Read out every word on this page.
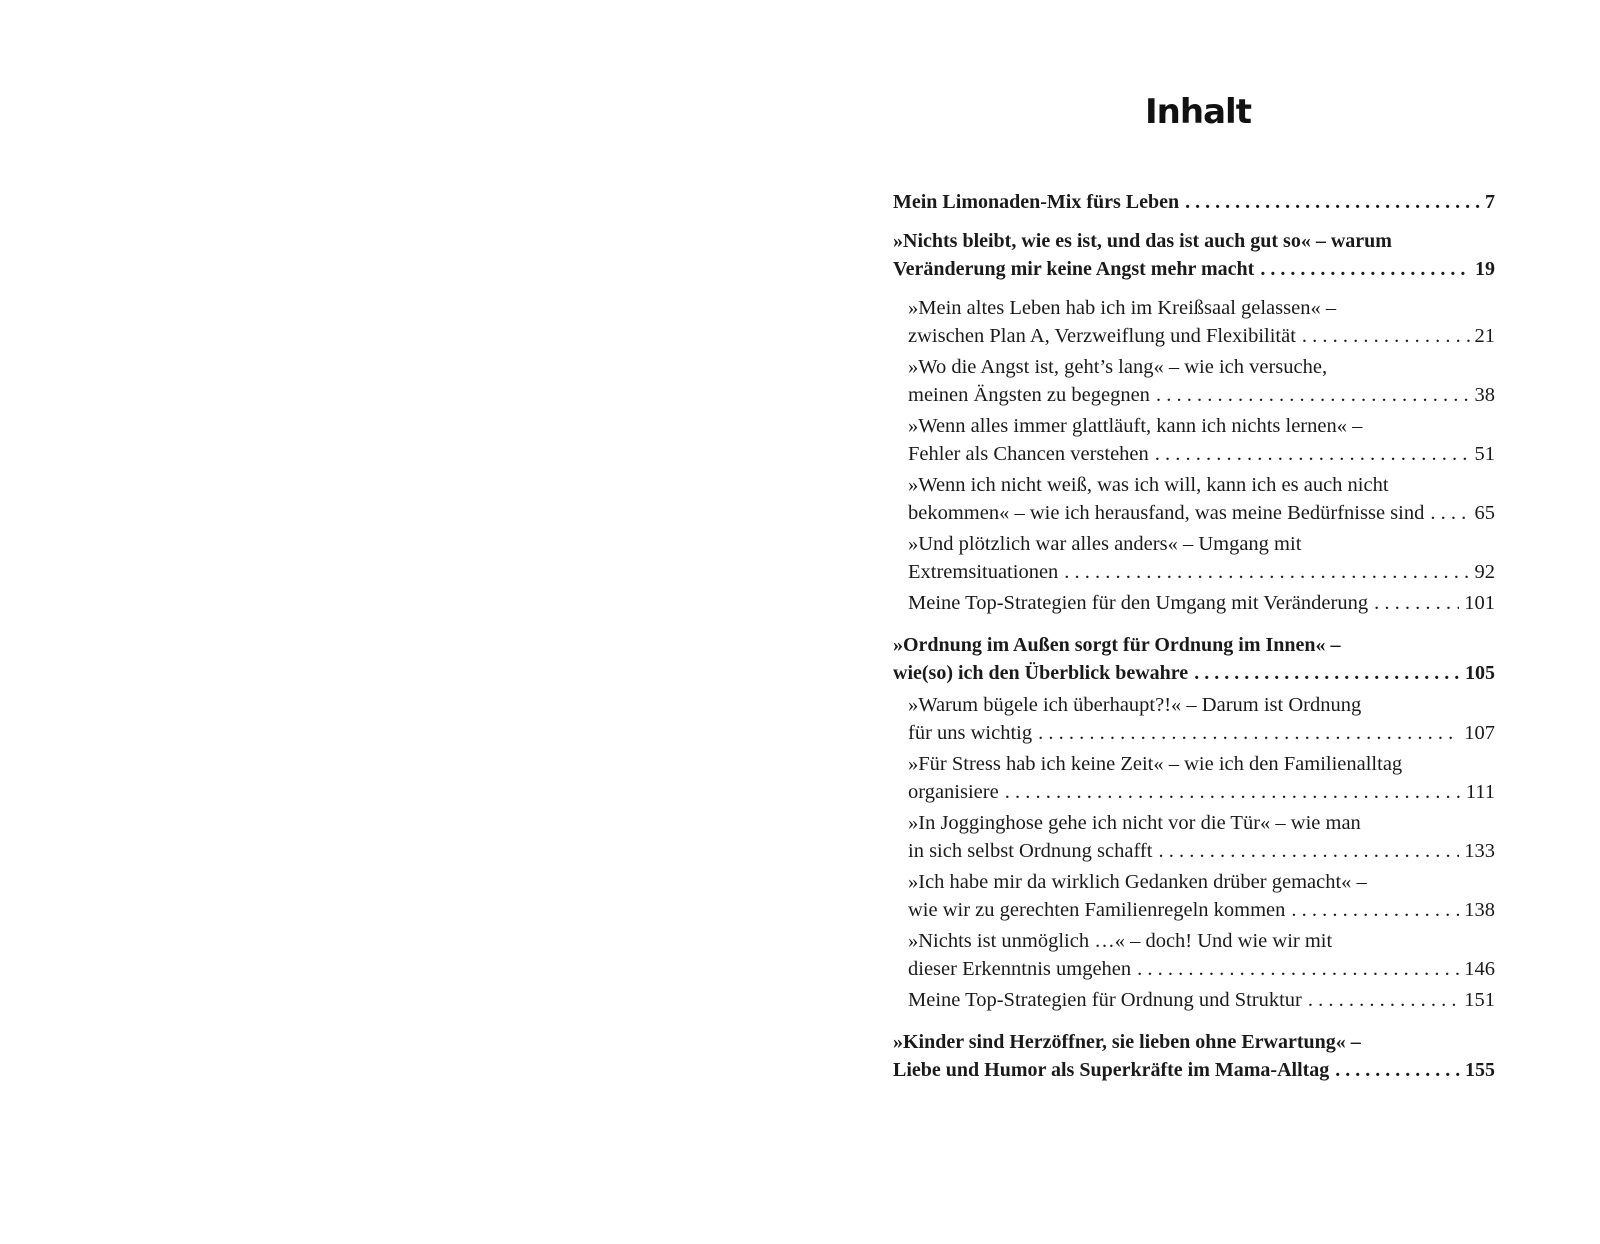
Inhalt
Mein Limonaden-Mix fürs Leben . . .	7
»Nichts bleibt, wie es ist, und das ist auch gut so« – warum
Veränderung mir keine Angst mehr macht . . .	19
»Mein altes Leben hab ich im Kreißsaal gelassen« –
zwischen Plan A, Verzweiflung und Flexibilität . . .	21
»Wo die Angst ist, geht’s lang« – wie ich versuche,
meinen Ängsten zu begegnen . . .	38
»Wenn alles immer glattläuft, kann ich nichts lernen« –
Fehler als Chancen verstehen . . .	51
»Wenn ich nicht weiß, was ich will, kann ich es auch nicht
bekommen« – wie ich herausfand, was meine Bedürfnisse sind . . . 65
»Und plötzlich war alles anders« – Umgang mit
Extremsituationen . . .	92
Meine Top-Strategien für den Umgang mit Veränderung . . .	101
»Ordnung im Außen sorgt für Ordnung im Innen« –
wie(so) ich den Überblick bewahre . . .	105
»Warum bügele ich überhaupt?!« – Darum ist Ordnung
für uns wichtig . . .	107
»Für Stress hab ich keine Zeit« – wie ich den Familienalltag
organisiere . . .	111
»In Jogginghose gehe ich nicht vor die Tür« – wie man
in sich selbst Ordnung schafft . . .	133
»Ich habe mir da wirklich Gedanken drüber gemacht« –
wie wir zu gerechten Familienregeln kommen . . .	138
»Nichts ist unmöglich …« – doch! Und wie wir mit
dieser Erkenntnis umgehen . . .	146
Meine Top-Strategien für Ordnung und Struktur . . .	151
»Kinder sind Herzöffner, sie lieben ohne Erwartung« –
Liebe und Humor als Superkräfte im Mama-Alltag . . .	155
